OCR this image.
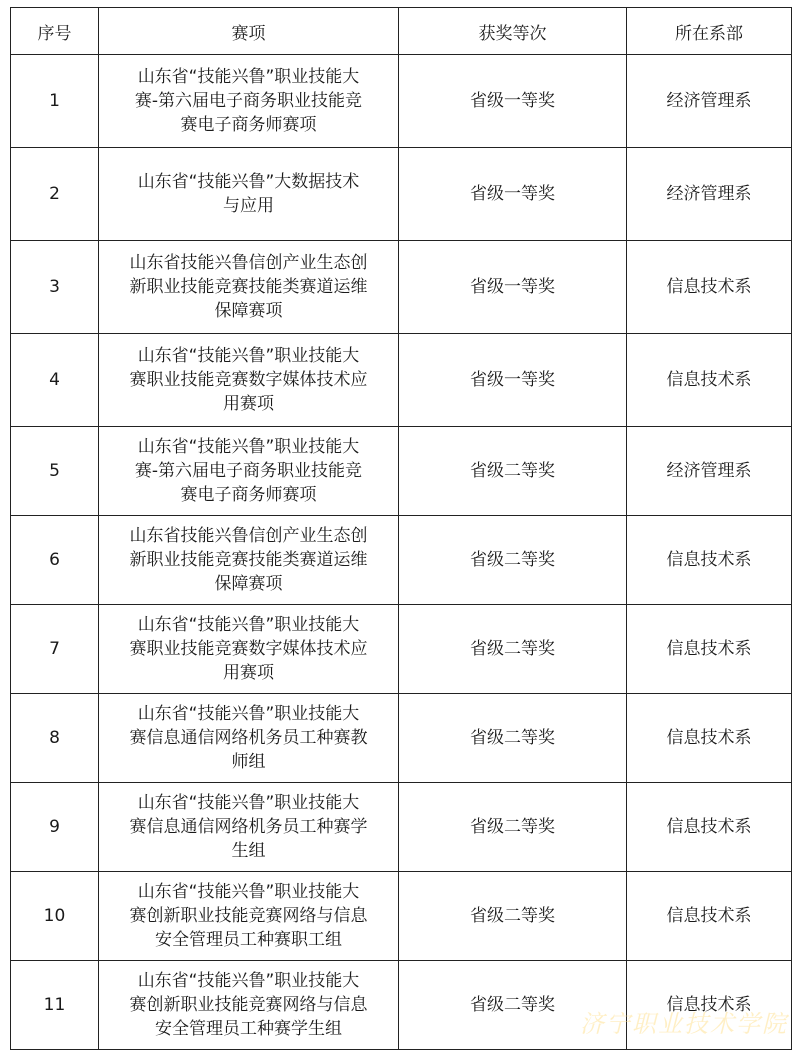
序号	赛项	获奖等次	所在系部
1	山东省“技能兴鲁”职业技能大
赛-第六届电子商务职业技能竞
赛电子商务师赛项	省级一等奖	经济管理系
2	山东省“技能兴鲁”大数据技术
与应用	省级一等奖	经济管理系
3	山东省技能兴鲁信创产业生态创
新职业技能竞赛技能类赛道运维
保障赛项	省级一等奖	信息技术系
4	山东省“技能兴鲁”职业技能大
赛职业技能竞赛数字媒体技术应
用赛项	省级一等奖	信息技术系
5	山东省“技能兴鲁”职业技能大
赛-第六届电子商务职业技能竞
赛电子商务师赛项	省级二等奖	经济管理系
6	山东省技能兴鲁信创产业生态创
新职业技能竞赛技能类赛道运维
保障赛项	省级二等奖	信息技术系
7	山东省“技能兴鲁”职业技能大
赛职业技能竞赛数字媒体技术应
用赛项	省级二等奖	信息技术系
8	山东省“技能兴鲁”职业技能大
赛信息通信网络机务员工种赛教
师组	省级二等奖	信息技术系
9	山东省“技能兴鲁”职业技能大
赛信息通信网络机务员工种赛学
生组	省级二等奖	信息技术系
10	山东省“技能兴鲁”职业技能大
赛创新职业技能竞赛网络与信息
安全管理员工种赛职工组	省级二等奖	信息技术系
11	山东省“技能兴鲁”职业技能大
赛创新职业技能竞赛网络与信息
安全管理员工种赛学生组	省级二等奖	信息技术系
济宁职业技术学院
